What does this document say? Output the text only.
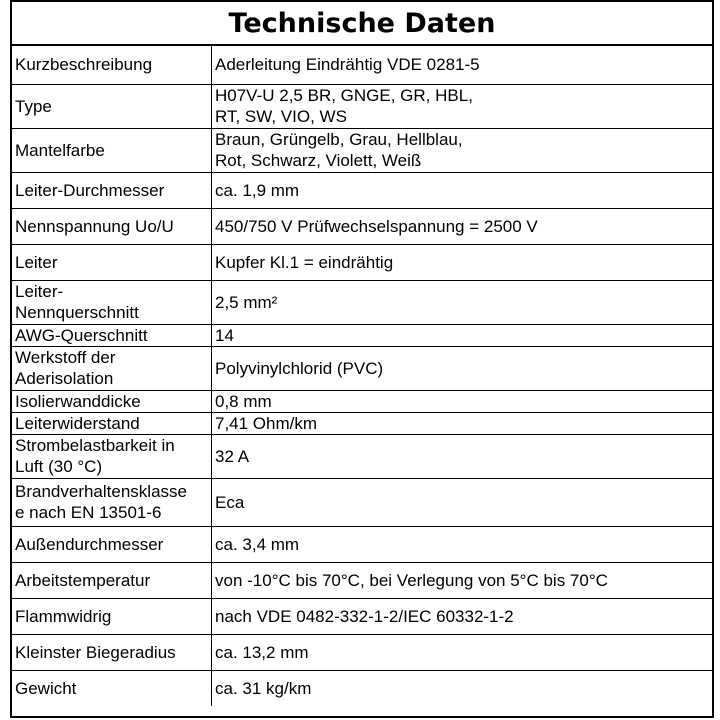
Technische Daten
Kurzbeschreibung	Aderleitung Eindrähtig VDE 0281-5
Type	H07V-U 2,5 BR, GNGE, GR, HBL,
RT, SW, VIO, WS
Mantelfarbe	Braun, Grüngelb, Grau, Hellblau,
Rot, Schwarz, Violett, Weiß
Leiter-Durchmesser	ca. 1,9 mm
Nennspannung Uo/U	450/750 V Prüfwechselspannung = 2500 V
Leiter	Kupfer Kl.1 = eindrähtig
Leiter-
Nennquerschnitt	2,5 mm²
AWG-Querschnitt	14
Werkstoff der
Aderisolation	Polyvinylchlorid (PVC)
Isolierwanddicke	0,8 mm
Leiterwiderstand	7,41 Ohm/km
Strombelastbarkeit in
Luft (30 °C)	32 A
Brandverhaltensklasse
e nach EN 13501-6	Eca
Außendurchmesser	ca. 3,4 mm
Arbeitstemperatur	von -10°C bis 70°C, bei Verlegung von 5°C bis 70°C
Flammwidrig	nach VDE 0482-332-1-2/IEC 60332-1-2
Kleinster Biegeradius	ca. 13,2 mm
Gewicht	ca. 31 kg/km
